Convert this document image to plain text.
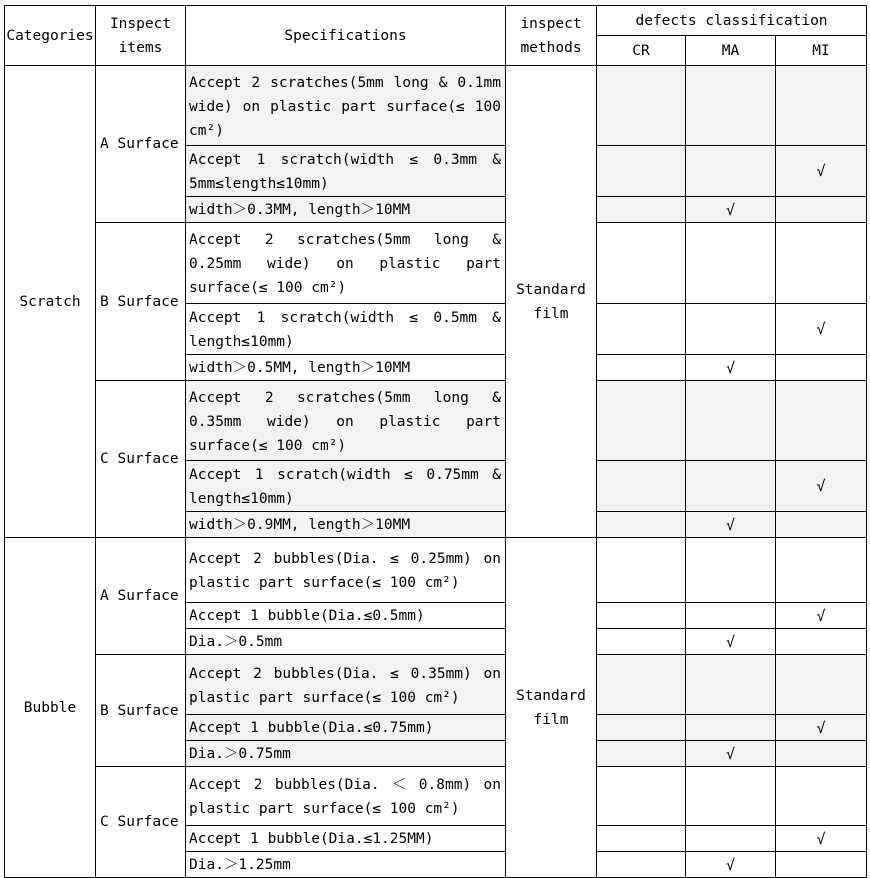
Categories	Inspect items	Specifications	inspect methods	defects classification		
				CR	MA	MI
Scratch	A Surface	Accept 2 scratches(5mm long & 0.1mm wide) on plastic part surface(≤ 100 cm²)	Standard film			
		Accept 1 scratch(width ≤ 0.3mm & 5mm≤length≤10mm)				√
		width＞0.3MM, length＞10MM			√	
	B Surface	Accept 2 scratches(5mm long & 0.25mm wide) on plastic part surface(≤ 100 cm²)				
		Accept 1 scratch(width ≤ 0.5mm & length≤10mm)				√
		width＞0.5MM, length＞10MM			√	
	C Surface	Accept 2 scratches(5mm long & 0.35mm wide) on plastic part surface(≤ 100 cm²)				
		Accept 1 scratch(width ≤ 0.75mm & length≤10mm)				√
		width＞0.9MM, length＞10MM			√	
Bubble	A Surface	Accept 2 bubbles(Dia. ≤ 0.25mm) on plastic part surface(≤ 100 cm²)	Standard film			
		Accept 1 bubble(Dia.≤0.5mm)				√
		Dia.＞0.5mm			√	
	B Surface	Accept 2 bubbles(Dia. ≤ 0.35mm) on plastic part surface(≤ 100 cm²)				
		Accept 1 bubble(Dia.≤0.75mm)				√
		Dia.＞0.75mm			√	
	C Surface	Accept 2 bubbles(Dia. ＜ 0.8mm) on plastic part surface(≤ 100 cm²)				
		Accept 1 bubble(Dia.≤1.25MM)				√
		Dia.＞1.25mm			√	
